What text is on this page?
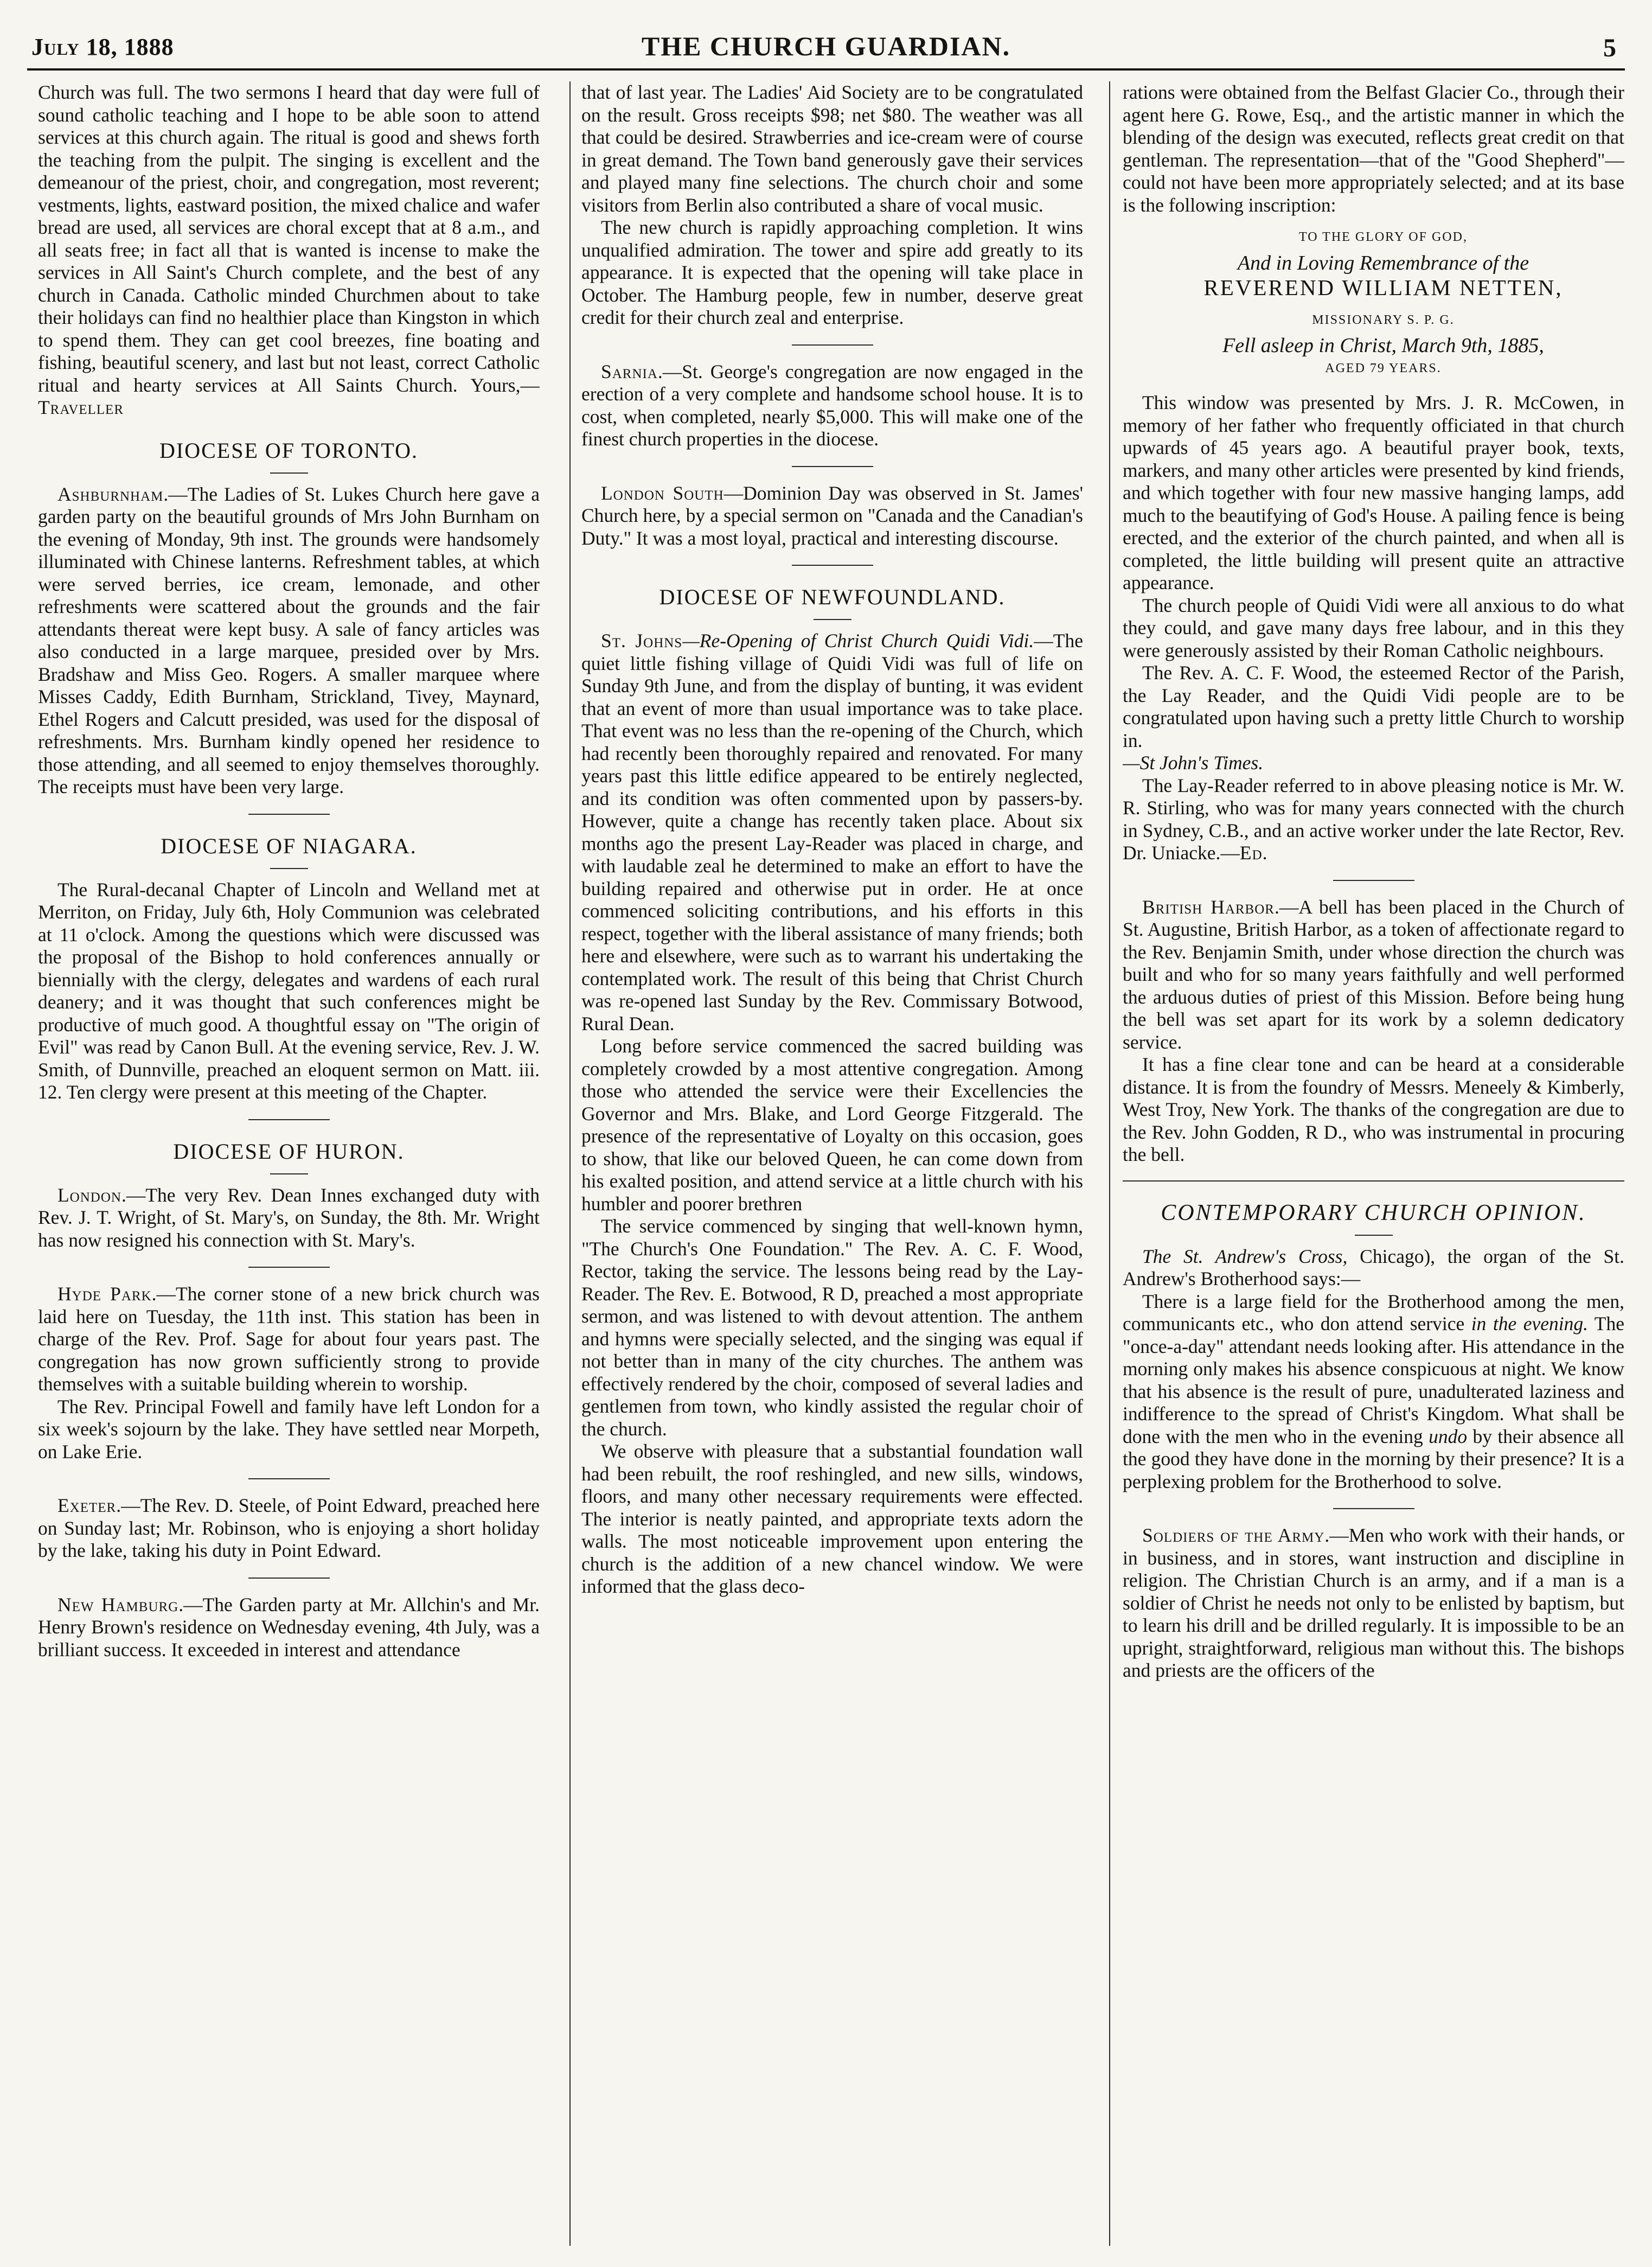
July 18, 1888	THE CHURCH GUARDIAN.	5

Church was full. The two sermons I heard that day were full of sound catholic teaching and I hope to be able soon to attend services at this church again. The ritual is good and shews forth the teaching from the pulpit. The singing is excellent and the demeanour of the priest, choir, and congregation, most reverent; vestments, lights, eastward position, the mixed chalice and wafer bread are used, all services are choral except that at 8 a.m., and all seats free; in fact all that is wanted is incense to make the services in All Saint's Church complete, and the best of any church in Canada. Catholic minded Churchmen about to take their holidays can find no healthier place than Kingston in which to spend them. They can get cool breezes, fine boating and fishing, beautiful scenery, and last but not least, correct Catholic ritual and hearty services at All Saints Church. Yours,—Traveller

DIOCESE OF TORONTO.

Ashburnham.—The Ladies of St. Lukes Church here gave a garden party on the beautiful grounds of Mrs John Burnham on the evening of Monday, 9th inst. The grounds were handsomely illuminated with Chinese lanterns. Refreshment tables, at which were served berries, ice cream, lemonade, and other refreshments were scattered about the grounds and the fair attendants thereat were kept busy. A sale of fancy articles was also conducted in a large marquee, presided over by Mrs. Bradshaw and Miss Geo. Rogers. A smaller marquee where Misses Caddy, Edith Burnham, Strickland, Tivey, Maynard, Ethel Rogers and Calcutt presided, was used for the disposal of refreshments. Mrs. Burnham kindly opened her residence to those attending, and all seemed to enjoy themselves thoroughly. The receipts must have been very large.

DIOCESE OF NIAGARA.

The Rural-decanal Chapter of Lincoln and Welland met at Merriton, on Friday, July 6th, Holy Communion was celebrated at 11 o'clock. Among the questions which were discussed was the proposal of the Bishop to hold conferences annually or biennially with the clergy, delegates and wardens of each rural deanery; and it was thought that such conferences might be productive of much good. A thoughtful essay on "The origin of Evil" was read by Canon Bull. At the evening service, Rev. J. W. Smith, of Dunnville, preached an eloquent sermon on Matt. iii. 12. Ten clergy were present at this meeting of the Chapter.

DIOCESE OF HURON.

London.—The very Rev. Dean Innes exchanged duty with Rev. J. T. Wright, of St. Mary's, on Sunday, the 8th. Mr. Wright has now resigned his connection with St. Mary's.

Hyde Park.—The corner stone of a new brick church was laid here on Tuesday, the 11th inst. This station has been in charge of the Rev. Prof. Sage for about four years past. The congregation has now grown sufficiently strong to provide themselves with a suitable building wherein to worship.

The Rev. Principal Fowell and family have left London for a six week's sojourn by the lake. They have settled near Morpeth, on Lake Erie.

Exeter.—The Rev. D. Steele, of Point Edward, preached here on Sunday last; Mr. Robinson, who is enjoying a short holiday by the lake, taking his duty in Point Edward.

New Hamburg.—The Garden party at Mr. Allchin's and Mr. Henry Brown's residence on Wednesday evening, 4th July, was a brilliant success. It exceeded in interest and attendance

that of last year. The Ladies' Aid Society are to be congratulated on the result. Gross receipts $98; net $80. The weather was all that could be desired. Strawberries and ice-cream were of course in great demand. The Town band generously gave their services and played many fine selections. The church choir and some visitors from Berlin also contributed a share of vocal music.

The new church is rapidly approaching completion. It wins unqualified admiration. The tower and spire add greatly to its appearance. It is expected that the opening will take place in October. The Hamburg people, few in number, deserve great credit for their church zeal and enterprise.

Sarnia.—St. George's congregation are now engaged in the erection of a very complete and handsome school house. It is to cost, when completed, nearly $5,000. This will make one of the finest church properties in the diocese.

London South—Dominion Day was observed in St. James' Church here, by a special sermon on "Canada and the Canadian's Duty." It was a most loyal, practical and interesting discourse.

DIOCESE OF NEWFOUNDLAND.

St. Johns—Re-Opening of Christ Church Quidi Vidi.—The quiet little fishing village of Quidi Vidi was full of life on Sunday 9th June, and from the display of bunting, it was evident that an event of more than usual importance was to take place. That event was no less than the re-opening of the Church, which had recently been thoroughly repaired and renovated. For many years past this little edifice appeared to be entirely neglected, and its condition was often commented upon by passers-by. However, quite a change has recently taken place. About six months ago the present Lay-Reader was placed in charge, and with laudable zeal he determined to make an effort to have the building repaired and otherwise put in order. He at once commenced soliciting contributions, and his efforts in this respect, together with the liberal assistance of many friends; both here and elsewhere, were such as to warrant his undertaking the contemplated work. The result of this being that Christ Church was re-opened last Sunday by the Rev. Commissary Botwood, Rural Dean.

Long before service commenced the sacred building was completely crowded by a most attentive congregation. Among those who attended the service were their Excellencies the Governor and Mrs. Blake, and Lord George Fitzgerald. The presence of the representative of Loyalty on this occasion, goes to show, that like our beloved Queen, he can come down from his exalted position, and attend service at a little church with his humbler and poorer brethren

The service commenced by singing that well-known hymn, "The Church's One Foundation." The Rev. A. C. F. Wood, Rector, taking the service. The lessons being read by the Lay-Reader. The Rev. E. Botwood, R D, preached a most appropriate sermon, and was listened to with devout attention. The anthem and hymns were specially selected, and the singing was equal if not better than in many of the city churches. The anthem was effectively rendered by the choir, composed of several ladies and gentlemen from town, who kindly assisted the regular choir of the church.

We observe with pleasure that a substantial foundation wall had been rebuilt, the roof reshingled, and new sills, windows, floors, and many other necessary requirements were effected. The interior is neatly painted, and appropriate texts adorn the walls. The most noticeable improvement upon entering the church is the addition of a new chancel window. We were informed that the glass deco-

rations were obtained from the Belfast Glacier Co., through their agent here G. Rowe, Esq., and the artistic manner in which the blending of the design was executed, reflects great credit on that gentleman. The representation—that of the "Good Shepherd"—could not have been more appropriately selected; and at its base is the following inscription:

TO THE GLORY OF GOD,

And in Loving Remembrance of the

REVEREND WILLIAM NETTEN,

MISSIONARY S. P. G.

Fell asleep in Christ, March 9th, 1885,

AGED 79 YEARS.

This window was presented by Mrs. J. R. McCowen, in memory of her father who frequently officiated in that church upwards of 45 years ago. A beautiful prayer book, texts, markers, and many other articles were presented by kind friends, and which together with four new massive hanging lamps, add much to the beautifying of God's House. A pailing fence is being erected, and the exterior of the church painted, and when all is completed, the little building will present quite an attractive appearance.

The church people of Quidi Vidi were all anxious to do what they could, and gave many days free labour, and in this they were generously assisted by their Roman Catholic neighbours.

The Rev. A. C. F. Wood, the esteemed Rector of the Parish, the Lay Reader, and the Quidi Vidi people are to be congratulated upon having such a pretty little Church to worship in.
—St John's Times.

The Lay-Reader referred to in above pleasing notice is Mr. W. R. Stirling, who was for many years connected with the church in Sydney, C.B., and an active worker under the late Rector, Rev. Dr. Uniacke.—Ed.

British Harbor.—A bell has been placed in the Church of St. Augustine, British Harbor, as a token of affectionate regard to the Rev. Benjamin Smith, under whose direction the church was built and who for so many years faithfully and well performed the arduous duties of priest of this Mission. Before being hung the bell was set apart for its work by a solemn dedicatory service.

It has a fine clear tone and can be heard at a considerable distance. It is from the foundry of Messrs. Meneely & Kimberly, West Troy, New York. The thanks of the congregation are due to the Rev. John Godden, R D., who was instrumental in procuring the bell.

CONTEMPORARY CHURCH OPINION.

The St. Andrew's Cross, Chicago), the organ of the St. Andrew's Brotherhood says:—

There is a large field for the Brotherhood among the men, communicants etc., who don attend service in the evening. The "once-a-day" attendant needs looking after. His attendance in the morning only makes his absence conspicuous at night. We know that his absence is the result of pure, unadulterated laziness and indifference to the spread of Christ's Kingdom. What shall be done with the men who in the evening undo by their absence all the good they have done in the morning by their presence? It is a perplexing problem for the Brotherhood to solve.

Soldiers of the Army.—Men who work with their hands, or in business, and in stores, want instruction and discipline in religion. The Christian Church is an army, and if a man is a soldier of Christ he needs not only to be enlisted by baptism, but to learn his drill and be drilled regularly. It is impossible to be an upright, straightforward, religious man without this. The bishops and priests are the officers of the
